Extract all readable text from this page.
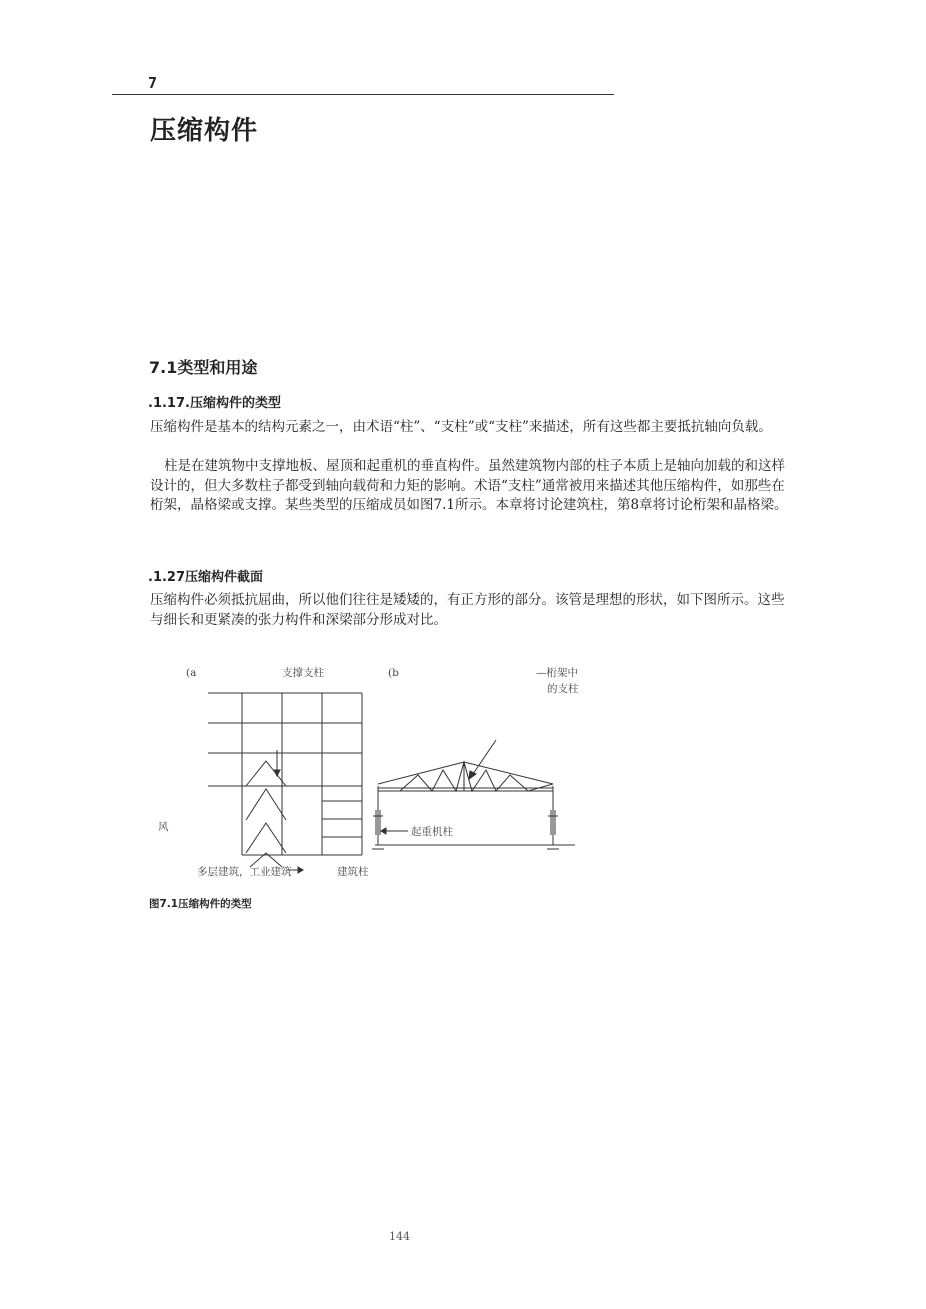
7
压缩构件
7.1类型和用途
.1.17.压缩构件的类型

压缩构件是基本的结构元素之一，由术语“柱”、“支柱”或“支柱”来描述，所有这些都主要抵抗轴向负载。

柱是在建筑物中支撑地板、屋顶和起重机的垂直构件。虽然建筑物内部的柱子本质上是轴向加载的和这样设计的，但大多数柱子都受到轴向载荷和力矩的影响。术语“支柱”通常被用来描述其他压缩构件，如那些在桁架，晶格梁或支撑。某些类型的压缩成员如图7.1所示。本章将讨论建筑柱，第8章将讨论桁架和晶格梁。

.1.27压缩构件截面

压缩构件必须抵抗屈曲，所以他们往往是矮矮的，有正方形的部分。该管是理想的形状，如下图所示。这些与细长和更紧凑的张力构件和深梁部分形成对比。

(a	支撑支柱	(b	—桁架中
的支柱
风	起重机柱
多层建筑，工业建筑	建筑柱
图7.1压缩构件的类型
144
